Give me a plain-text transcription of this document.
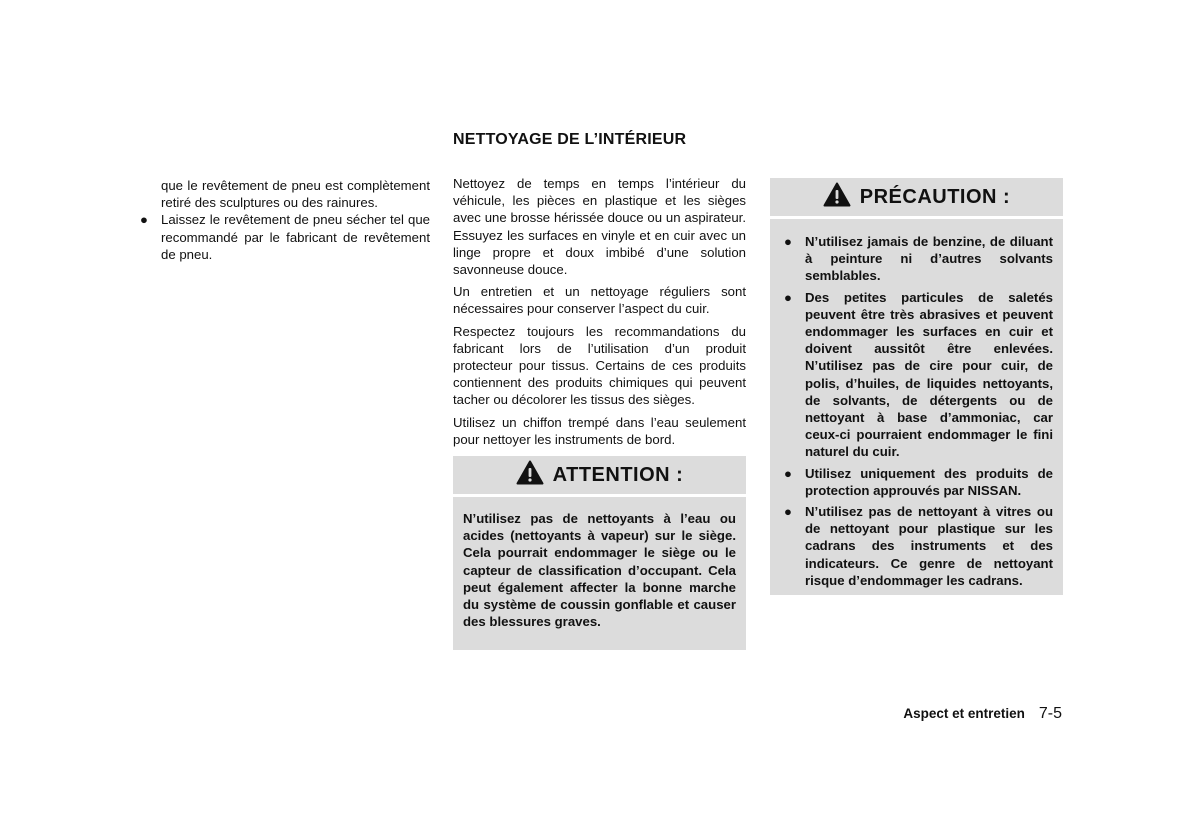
que le revêtement de pneu est complètement retiré des sculptures ou des rainures.

● Laissez le revêtement de pneu sécher tel que recommandé par le fabricant de revêtement de pneu.

NETTOYAGE DE L’INTÉRIEUR

Nettoyez de temps en temps l’intérieur du véhicule, les pièces en plastique et les sièges avec une brosse hérissée douce ou un aspirateur. Essuyez les surfaces en vinyle et en cuir avec un linge propre et doux imbibé d’une solution savonneuse douce.

Un entretien et un nettoyage réguliers sont nécessaires pour conserver l’aspect du cuir.

Respectez toujours les recommandations du fabricant lors de l’utilisation d’un produit protecteur pour tissus. Certains de ces produits contiennent des produits chimiques qui peuvent tacher ou décolorer les tissus des sièges.

Utilisez un chiffon trempé dans l’eau seulement pour nettoyer les instruments de bord.

ATTENTION :
N’utilisez pas de nettoyants à l’eau ou acides (nettoyants à vapeur) sur le siège. Cela pourrait endommager le siège ou le capteur de classification d’occupant. Cela peut également affecter la bonne marche du système de coussin gonflable et causer des blessures graves.
PRÉCAUTION :
● N’utilisez jamais de benzine, de diluant à peinture ni d’autres solvants semblables.
● Des petites particules de saletés peuvent être très abrasives et peuvent endommager les surfaces en cuir et doivent aussitôt être enlevées. N’utilisez pas de cire pour cuir, de polis, d’huiles, de liquides nettoyants, de solvants, de détergents ou de nettoyant à base d’ammoniac, car ceux-ci pourraient endommager le fini naturel du cuir.
● Utilisez uniquement des produits de protection approuvés par NISSAN.
● N’utilisez pas de nettoyant à vitres ou de nettoyant pour plastique sur les cadrans des instruments et des indicateurs. Ce genre de nettoyant risque d’endommager les cadrans.
Aspect et entretien 7-5
